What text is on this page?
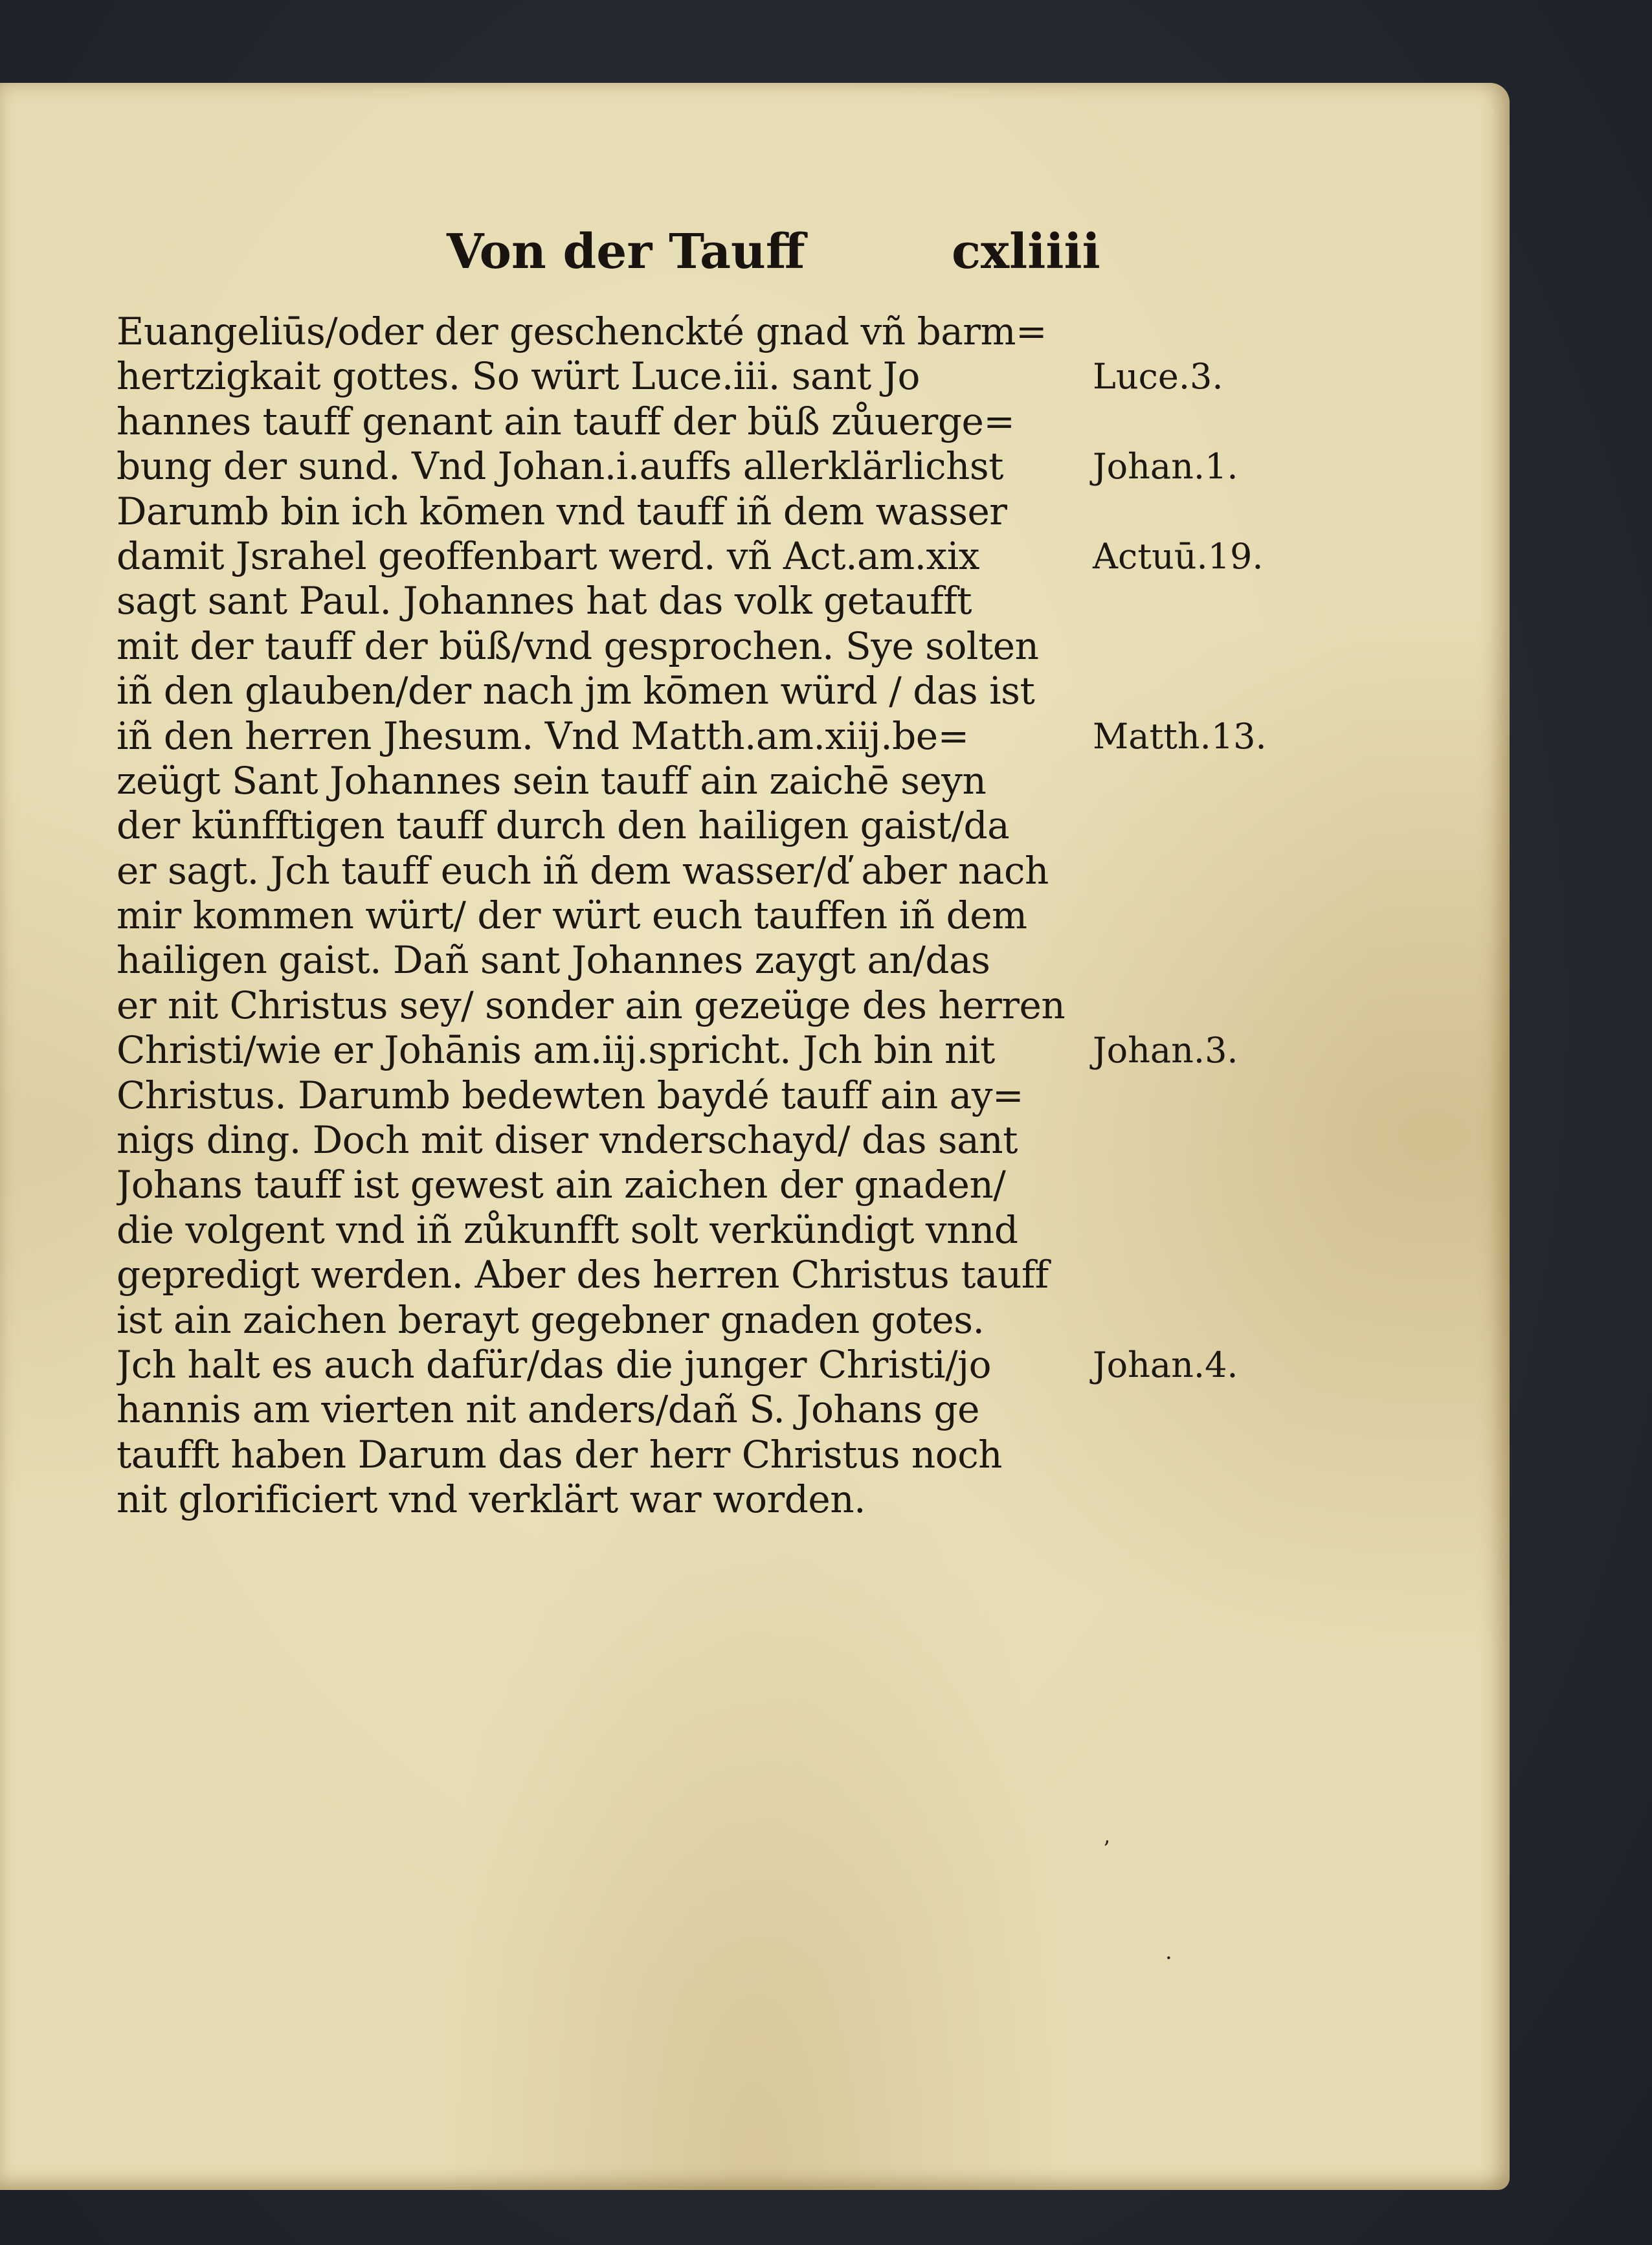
Von der Tauff	cxliiii
Euangeliūs/oder der geschenckté gnad vñ barm=
hertzigkait gottes. So würt Luce.iii. sant Jo
hannes tauff genant ain tauff der büß zůuerge=
bung der sund. Vnd Johan.i.auffs allerklärlichst
Darumb bin ich kōmen vnd tauff iñ dem wasser
damit Jsrahel geoffenbart werd. vñ Act.am.xix
sagt sant Paul. Johannes hat das volk getaufft
mit der tauff der büß/vnd gesprochen. Sye solten
iñ den glauben/der nach jm kōmen würd / das ist
iñ den herren Jhesum. Vnd Matth.am.xiij.be=
zeügt Sant Johannes sein tauff ain zaichē seyn
der künfftigen tauff durch den hailigen gaist/da
er sagt. Jch tauff euch iñ dem wasser/ď aber nach
mir kommen würt/ der würt euch tauffen iñ dem
hailigen gaist. Dañ sant Johannes zaygt an/das
er nit Christus sey/ sonder ain gezeüge des herren
Christi/wie er Johānis am.iij.spricht. Jch bin nit
Christus. Darumb bedewten baydé tauff ain ay=
nigs ding. Doch mit diser vnderschayd/ das sant
Johans tauff ist gewest ain zaichen der gnaden/
die volgent vnd iñ zůkunfft solt verkündigt vnnd
gepredigt werden. Aber des herren Christus tauff
ist ain zaichen berayt gegebner gnaden gotes.
Jch halt es auch dafür/das die junger Christi/jo
hannis am vierten nit anders/dañ S. Johans ge
taufft haben Darum das der herr Christus noch
nit glorificiert vnd verklärt war worden.
Luce.3.
Johan.1.
Actuū.19.
Matth.13.
Johan.3.
Johan.4.
ʼ
·
